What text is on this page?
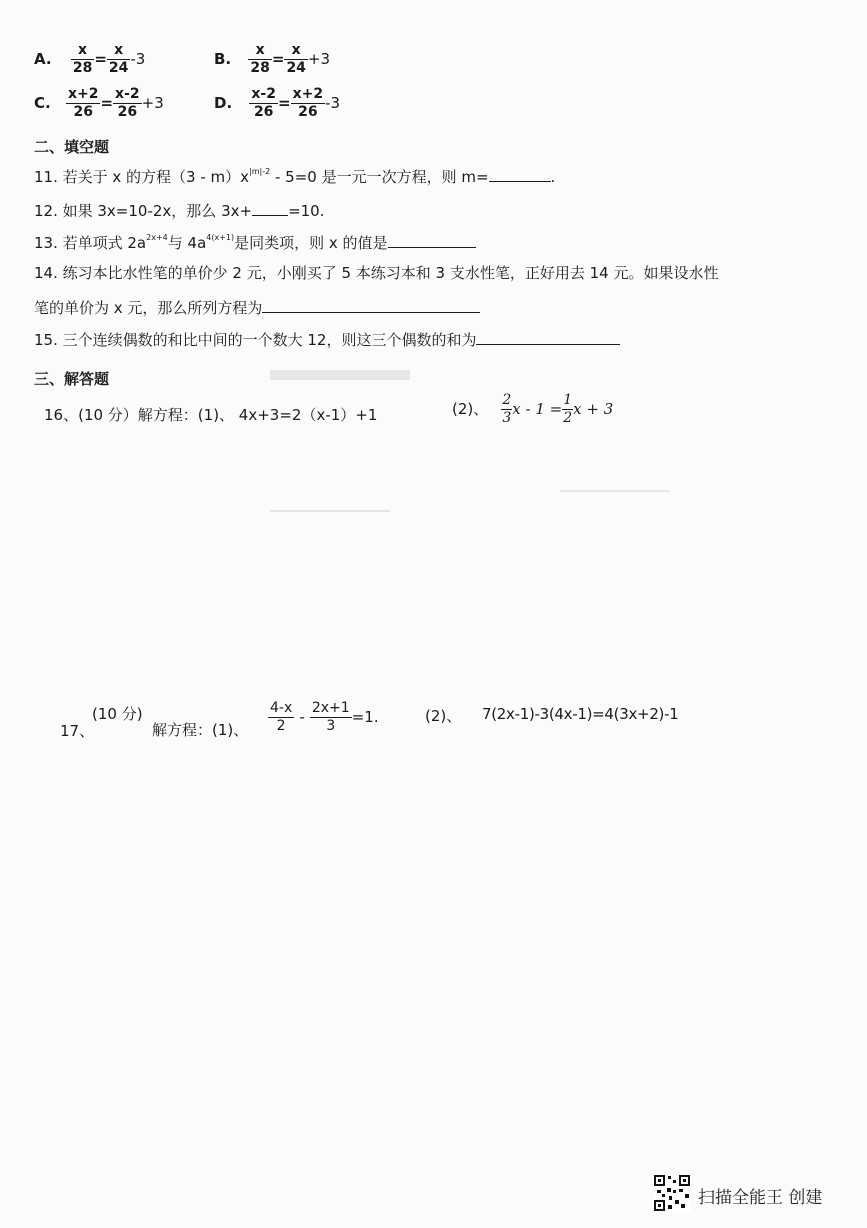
A. $\frac{x}{28} = \frac{x}{24} -3$	B. $\frac{x}{28} = \frac{x}{24} +3$
C. $\frac{x+2}{26} = \frac{x-2}{26} +3$	D. $\frac{x-2}{26} = \frac{x+2}{26} -3$
二、填空题
11. 若关于 x 的方程$(3 - m)x^{|m|-2} - 5=0$ 是一元一次方程，则 m=	.
12. 如果 3x=10-2x，那么 3x+ =10.
13. 若单项式 $2a^{2x+4}$与 $4a^{4(x+1)}$是同类项，则 x 的值是
14. 练习本比水性笔的单价少 2 元，小刚买了 5 本练习本和 3 支水性笔，正好用去 14 元。如果设水性
笔的单价为 x 元，那么所列方程为
15. 三个连续偶数的和比中间的一个数大 12，则这三个偶数的和为
三、解答题
16、(10 分）解方程：(1)、 4x+3=2（x-1）+1	(2)、 $\frac{2}{3}x - 1 = \frac{1}{2}x + 3$
17、
(10 分)
解方程：(1)、 $\frac{4-x}{2} - \frac{2x+1}{3} =1$.	(2)、 7(2x-1)-3(4x-1)=4(3x+2)-1
扫描全能王 创建
